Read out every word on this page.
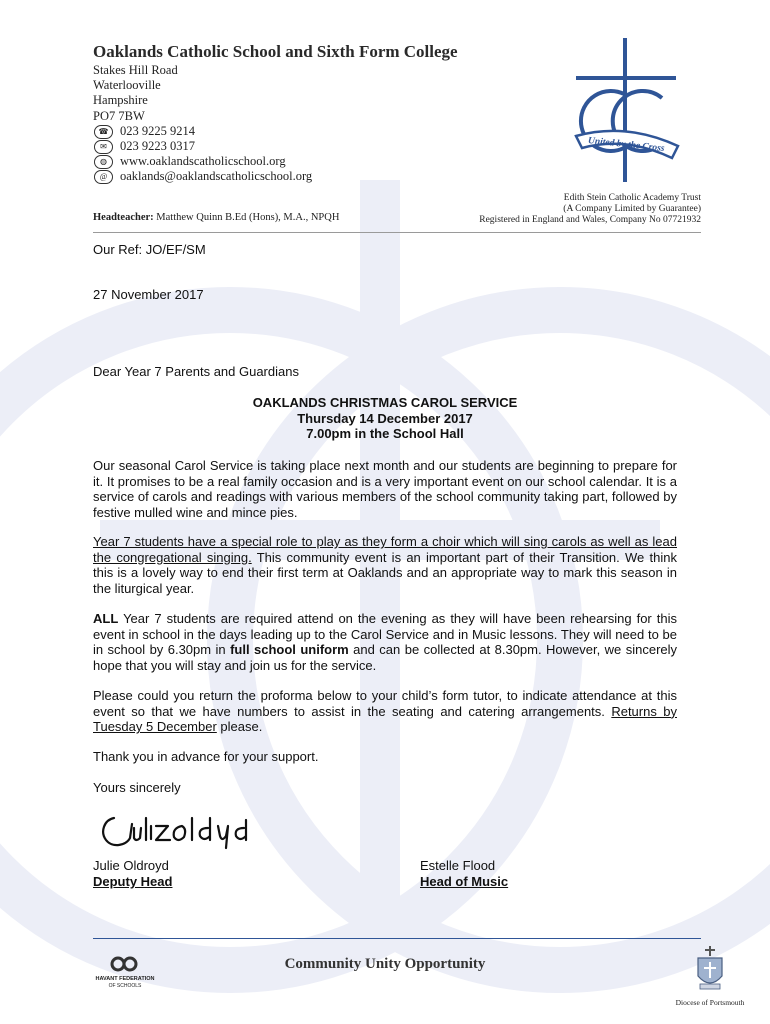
Oaklands Catholic School and Sixth Form College
Stakes Hill Road
Waterlooville
Hampshire
PO7 7BW
☎ 023 9225 9214
✉	023 9223 0317
◍	www.oaklandscatholicschool.org
@	oaklands@oaklandscatholicschool.org
Headteacher: Matthew Quinn B.Ed (Hons), M.A., NPQH
Edith Stein Catholic Academy Trust
(A Company Limited by Guarantee)
Registered in England and Wales, Company No 07721932
United by the Cross
Our Ref: JO/EF/SM
27 November 2017
Dear Year 7 Parents and Guardians
OAKLANDS CHRISTMAS CAROL SERVICE
Thursday 14 December 2017
7.00pm in the School Hall

Our seasonal Carol Service is taking place next month and our students are beginning to prepare for it. It promises to be a real family occasion and is a very important event on our school calendar. It is a service of carols and readings with various members of the school community taking part, followed by festive mulled wine and mince pies.

Year 7 students have a special role to play as they form a choir which will sing carols as well as lead the congregational singing. This community event is an important part of their Transition. We think this is a lovely way to end their first term at Oaklands and an appropriate way to mark this season in the liturgical year.

ALL Year 7 students are required attend on the evening as they will have been rehearsing for this event in school in the days leading up to the Carol Service and in Music lessons. They will need to be in school by 6.30pm in full school uniform and can be collected at 8.30pm. However, we sincerely hope that you will stay and join us for the service.

Please could you return the proforma below to your child’s form tutor, to indicate attendance at this event so that we have numbers to assist in the seating and catering arrangements. Returns by Tuesday 5 December please.

Thank you in advance for your support.
Yours sincerely
Julie Oldroyd
Deputy Head
Estelle Flood
Head of Music
HAVANT FEDERATION
OF SCHOOLS
Community Unity Opportunity
Diocese of Portsmouth
